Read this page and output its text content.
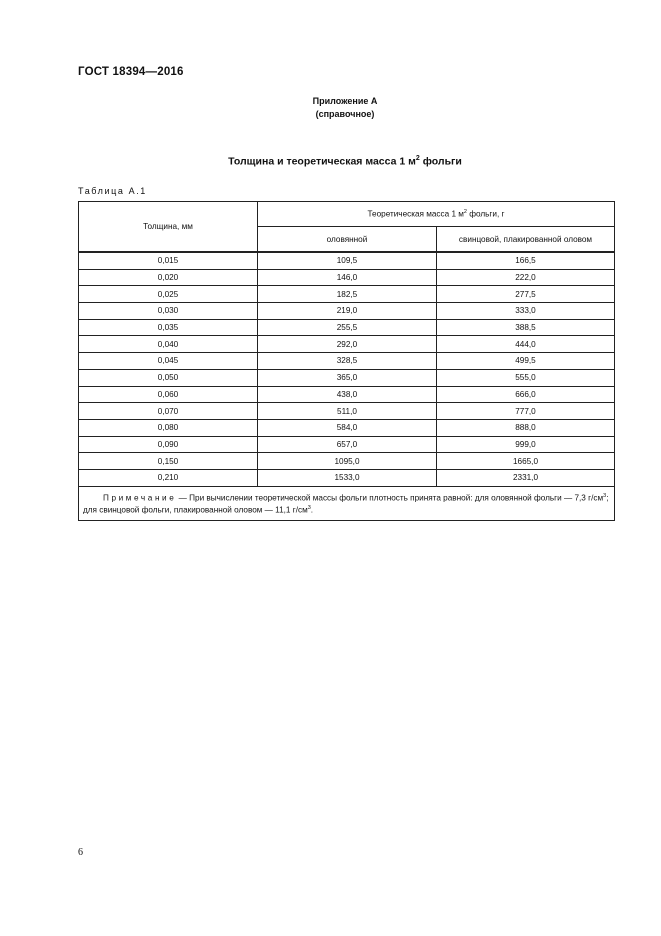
ГОСТ 18394—2016
Приложение А
(справочное)
Толщина и теоретическая масса 1 $м^2$ фольги
Таблица А.1
Толщина, мм	Теоретическая масса 1 $м^2$ фольги, г	
	оловянной	свинцовой, плакированной оловом
0,015	109,5	166,5
0,020	146,0	222,0
0,025	182,5	277,5
0,030	219,0	333,0
0,035	255,5	388,5
0,040	292,0	444,0
0,045	328,5	499,5
0,050	365,0	555,0
0,060	438,0	666,0
0,070	511,0	777,0
0,080	584,0	888,0
0,090	657,0	999,0
0,150	1095,0	1665,0
0,210	1533,0	2331,0
Примечание — При вычислении теоретической массы фольги плотность принята равной: для оловянной фольги — 7,3 $г/см^3$; для свинцовой фольги, плакированной оловом — 11,1 $г/см^3$.		
6
